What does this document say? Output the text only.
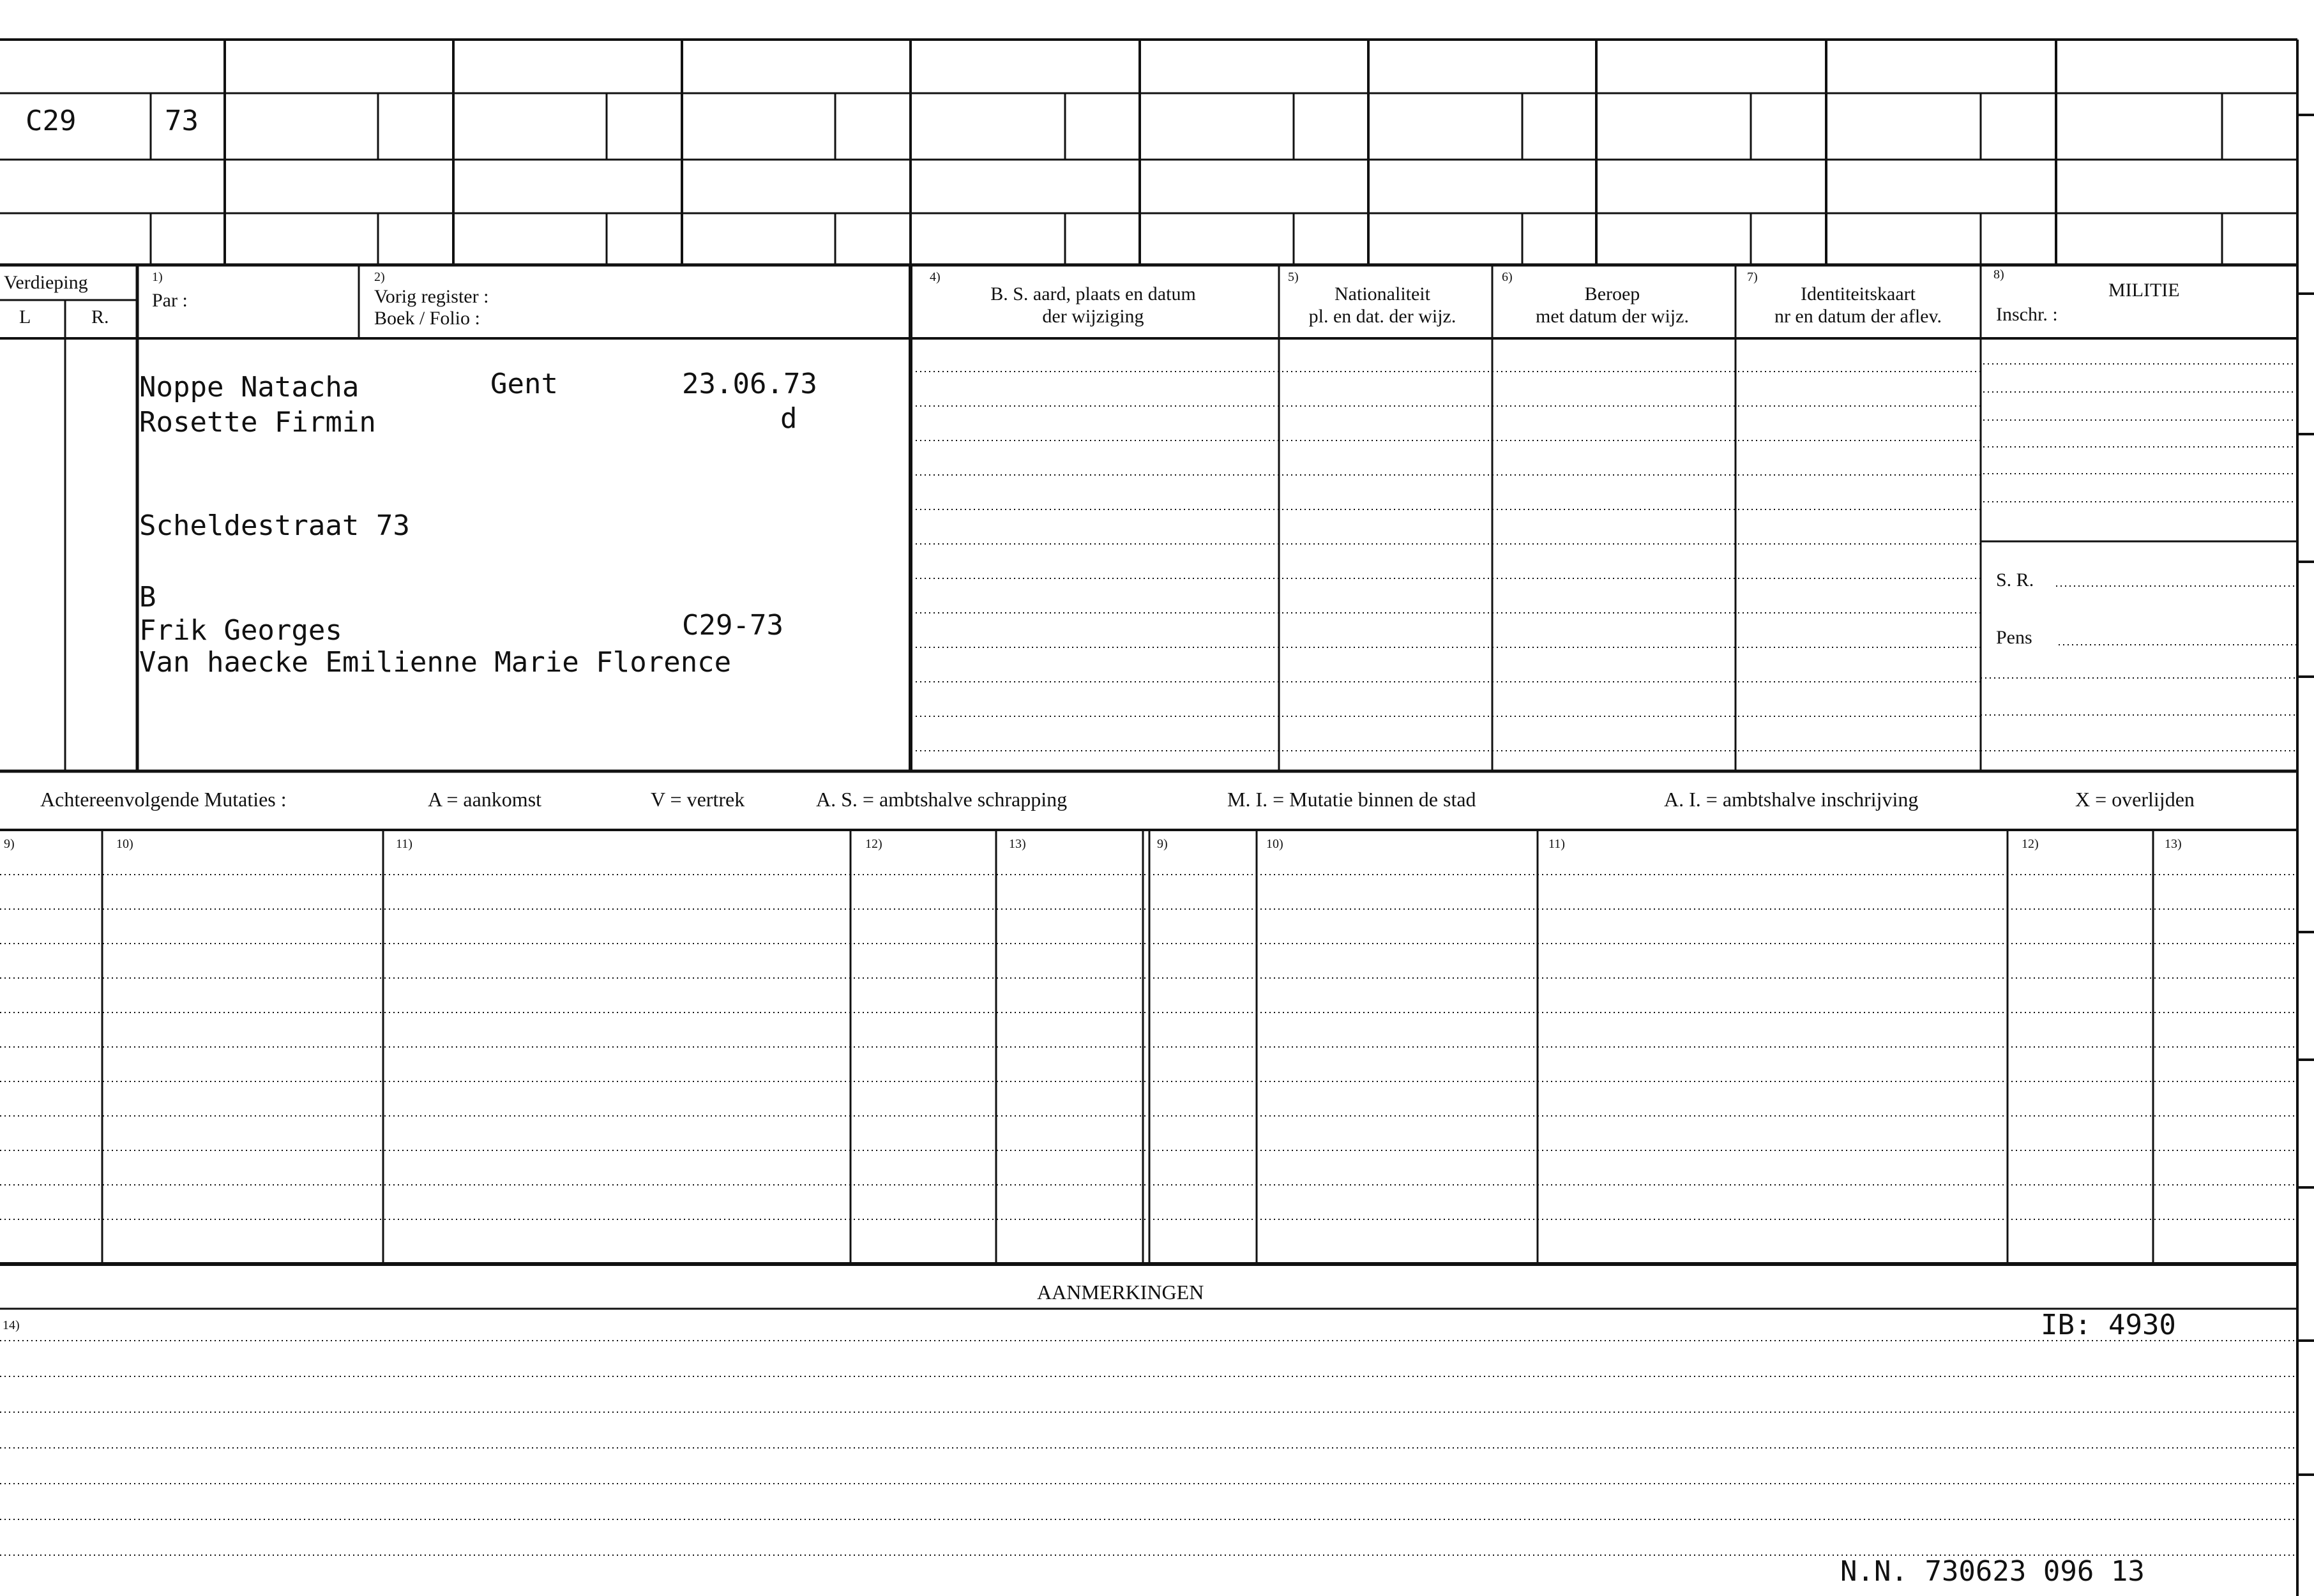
C29	73
Verdieping
L	R.
1)
Par :
2)
Vorig register :
Boek / Folio :
4)
B. S. aard, plaats en datum
der wijziging
5)
Nationaliteit
pl. en dat. der wijz.
6)
Beroep
met datum der wijz.
7)
Identiteitskaart
nr en datum der aflev.
8)
MILITIE
Inschr. :
S. R.
Pens
Noppe Natacha	Gent	23.06.73
Rosette Firmin	d
Scheldestraat 73
B
Frik Georges	C29-73
Van haecke Emilienne Marie Florence
Achtereenvolgende Mutaties :	A = aankomst	V = vertrek	A. S. = ambtshalve schrapping	M. I. = Mutatie binnen de stad	A. I. = ambtshalve inschrijving	X = overlijden
9)	10)	11)	12)	13)	9)	10)	11)	12)	13)
AANMERKINGEN
14)	IB: 4930
N.N. 730623 096 13
